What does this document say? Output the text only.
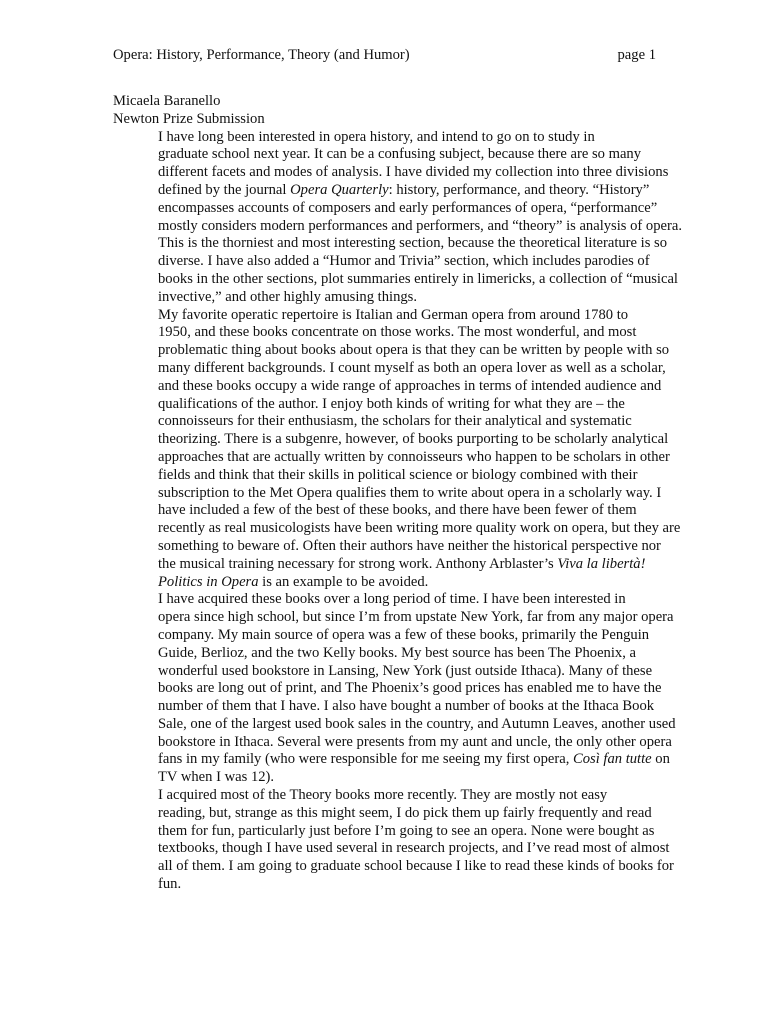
Opera: History, Performance, Theory (and Humor)	page 1

Micaela Baranello

Newton Prize Submission

I have long been interested in opera history, and intend to go on to study in
graduate school next year. It can be a confusing subject, because there are so many
different facets and modes of analysis. I have divided my collection into three divisions
defined by the journal Opera Quarterly: history, performance, and theory. “History”
encompasses accounts of composers and early performances of opera, “performance”
mostly considers modern performances and performers, and “theory” is analysis of opera.
This is the thorniest and most interesting section, because the theoretical literature is so
diverse. I have also added a “Humor and Trivia” section, which includes parodies of
books in the other sections, plot summaries entirely in limericks, a collection of “musical
invective,” and other highly amusing things.

My favorite operatic repertoire is Italian and German opera from around 1780 to
1950, and these books concentrate on those works. The most wonderful, and most
problematic thing about books about opera is that they can be written by people with so
many different backgrounds. I count myself as both an opera lover as well as a scholar,
and these books occupy a wide range of approaches in terms of intended audience and
qualifications of the author. I enjoy both kinds of writing for what they are – the
connoisseurs for their enthusiasm, the scholars for their analytical and systematic
theorizing. There is a subgenre, however, of books purporting to be scholarly analytical
approaches that are actually written by connoisseurs who happen to be scholars in other
fields and think that their skills in political science or biology combined with their
subscription to the Met Opera qualifies them to write about opera in a scholarly way. I
have included a few of the best of these books, and there have been fewer of them
recently as real musicologists have been writing more quality work on opera, but they are
something to beware of. Often their authors have neither the historical perspective nor
the musical training necessary for strong work. Anthony Arblaster’s Viva la libertà!
Politics in Opera is an example to be avoided.

I have acquired these books over a long period of time. I have been interested in
opera since high school, but since I’m from upstate New York, far from any major opera
company. My main source of opera was a few of these books, primarily the Penguin
Guide, Berlioz, and the two Kelly books. My best source has been The Phoenix, a
wonderful used bookstore in Lansing, New York (just outside Ithaca). Many of these
books are long out of print, and The Phoenix’s good prices has enabled me to have the
number of them that I have. I also have bought a number of books at the Ithaca Book
Sale, one of the largest used book sales in the country, and Autumn Leaves, another used
bookstore in Ithaca. Several were presents from my aunt and uncle, the only other opera
fans in my family (who were responsible for me seeing my first opera, Così fan tutte on
TV when I was 12).

I acquired most of the Theory books more recently. They are mostly not easy
reading, but, strange as this might seem, I do pick them up fairly frequently and read
them for fun, particularly just before I’m going to see an opera. None were bought as
textbooks, though I have used several in research projects, and I’ve read most of almost
all of them. I am going to graduate school because I like to read these kinds of books for
fun.
